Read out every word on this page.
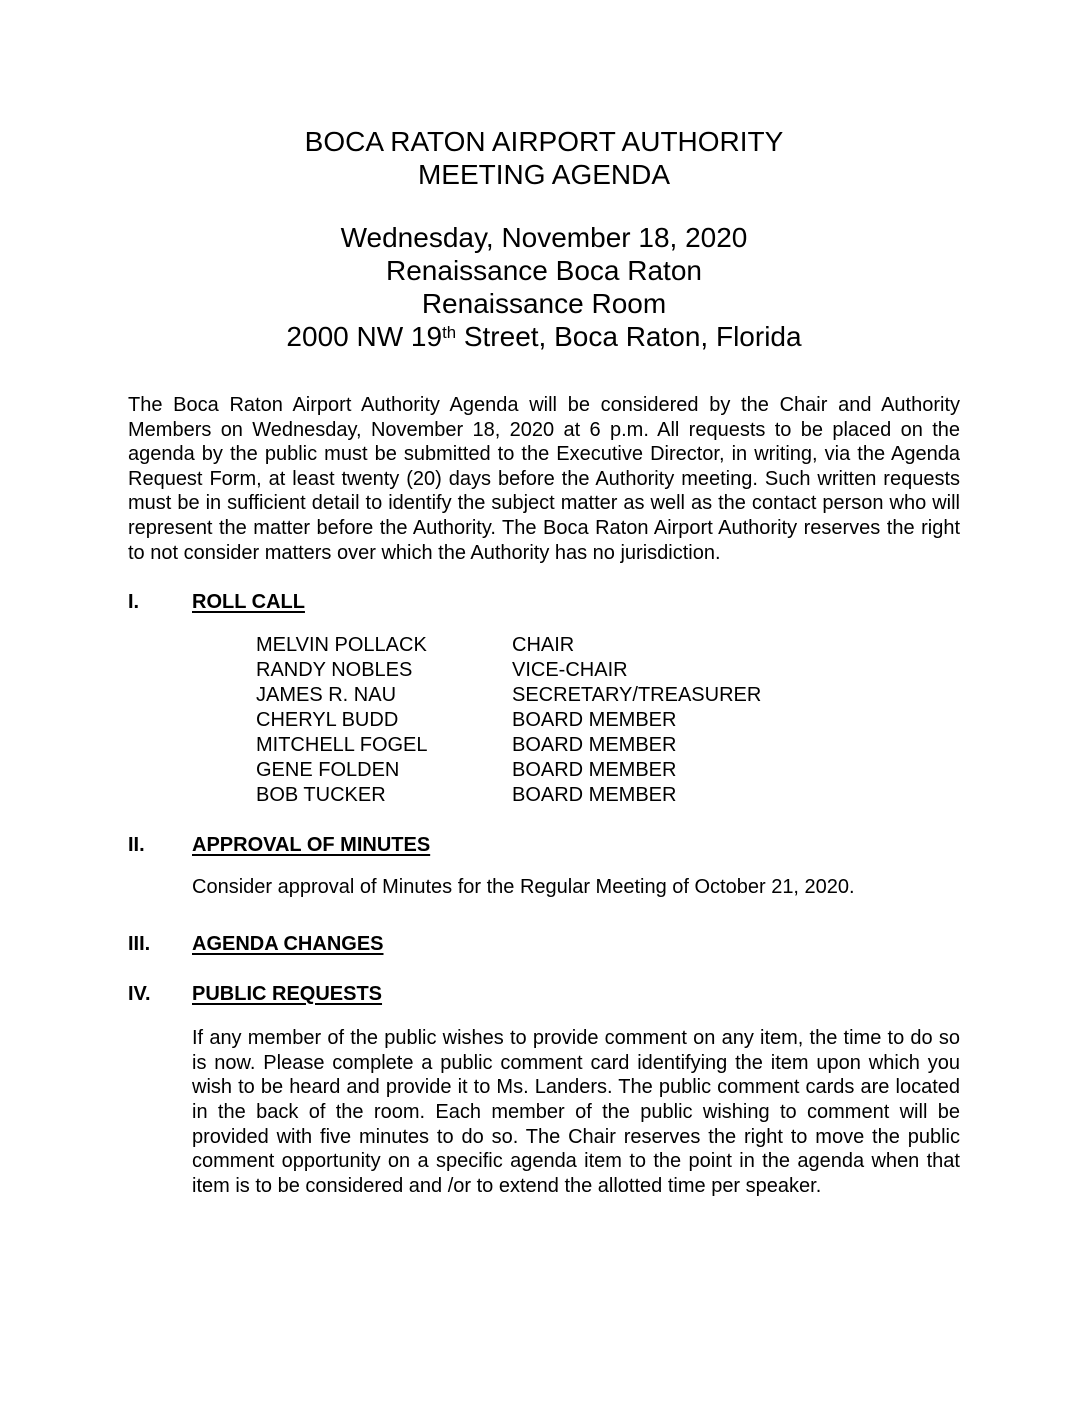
BOCA RATON AIRPORT AUTHORITY
MEETING AGENDA
Wednesday, November 18, 2020
Renaissance Boca Raton
Renaissance Room
2000 NW 19th Street, Boca Raton, Florida

The Boca Raton Airport Authority Agenda will be considered by the Chair and Authority Members on Wednesday, November 18, 2020 at 6 p.m. All requests to be placed on the agenda by the public must be submitted to the Executive Director, in writing, via the Agenda Request Form, at least twenty (20) days before the Authority meeting. Such written requests must be in sufficient detail to identify the subject matter as well as the contact person who will represent the matter before the Authority. The Boca Raton Airport Authority reserves the right to not consider matters over which the Authority has no jurisdiction.

I.	ROLL CALL
MELVIN POLLACK	CHAIR
RANDY NOBLES	VICE-CHAIR
JAMES R. NAU	SECRETARY/TREASURER
CHERYL BUDD	BOARD MEMBER
MITCHELL FOGEL	BOARD MEMBER
GENE FOLDEN	BOARD MEMBER
BOB TUCKER	BOARD MEMBER
II.	APPROVAL OF MINUTES

Consider approval of Minutes for the Regular Meeting of October 21, 2020.

III.	AGENDA CHANGES
IV.	PUBLIC REQUESTS

If any member of the public wishes to provide comment on any item, the time to do so is now. Please complete a public comment card identifying the item upon which you wish to be heard and provide it to Ms. Landers. The public comment cards are located in the back of the room. Each member of the public wishing to comment will be provided with five minutes to do so. The Chair reserves the right to move the public comment opportunity on a specific agenda item to the point in the agenda when that item is to be considered and /or to extend the allotted time per speaker.
